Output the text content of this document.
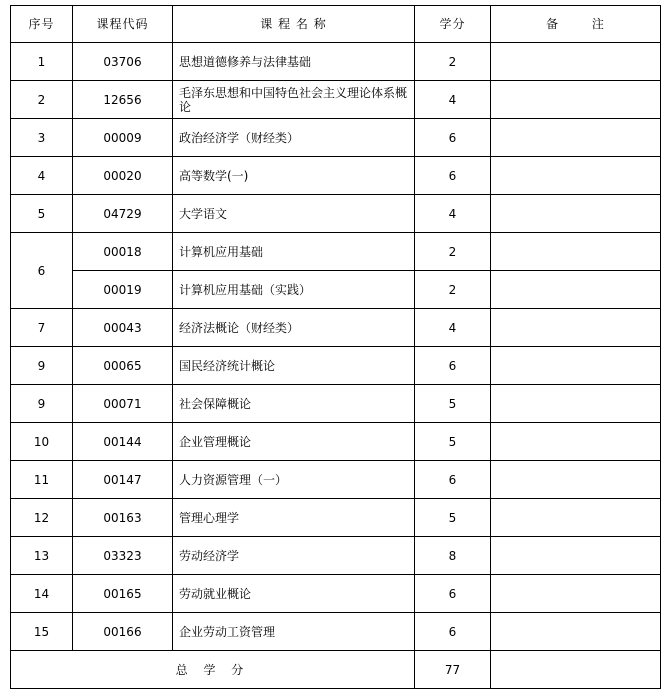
序号	课程代码	课 程 名 称	学分	备 注
1	03706	思想道德修养与法律基础	2	
2	12656	毛泽东思想和中国特色社会主义理论体系概论	4	
3	00009	政治经济学（财经类）	6	
4	00020	高等数学(一)	6	
5	04729	大学语文	4	
6	00018	计算机应用基础	2	
	00019	计算机应用基础（实践）	2	
7	00043	经济法概论（财经类）	4	
9	00065	国民经济统计概论	6	
9	00071	社会保障概论	5	
10	00144	企业管理概论	5	
11	00147	人力资源管理（一）	6	
12	00163	管理心理学	5	
13	03323	劳动经济学	8	
14	00165	劳动就业概论	6	
15	00166	企业劳动工资管理	6	
总 学 分			77	
